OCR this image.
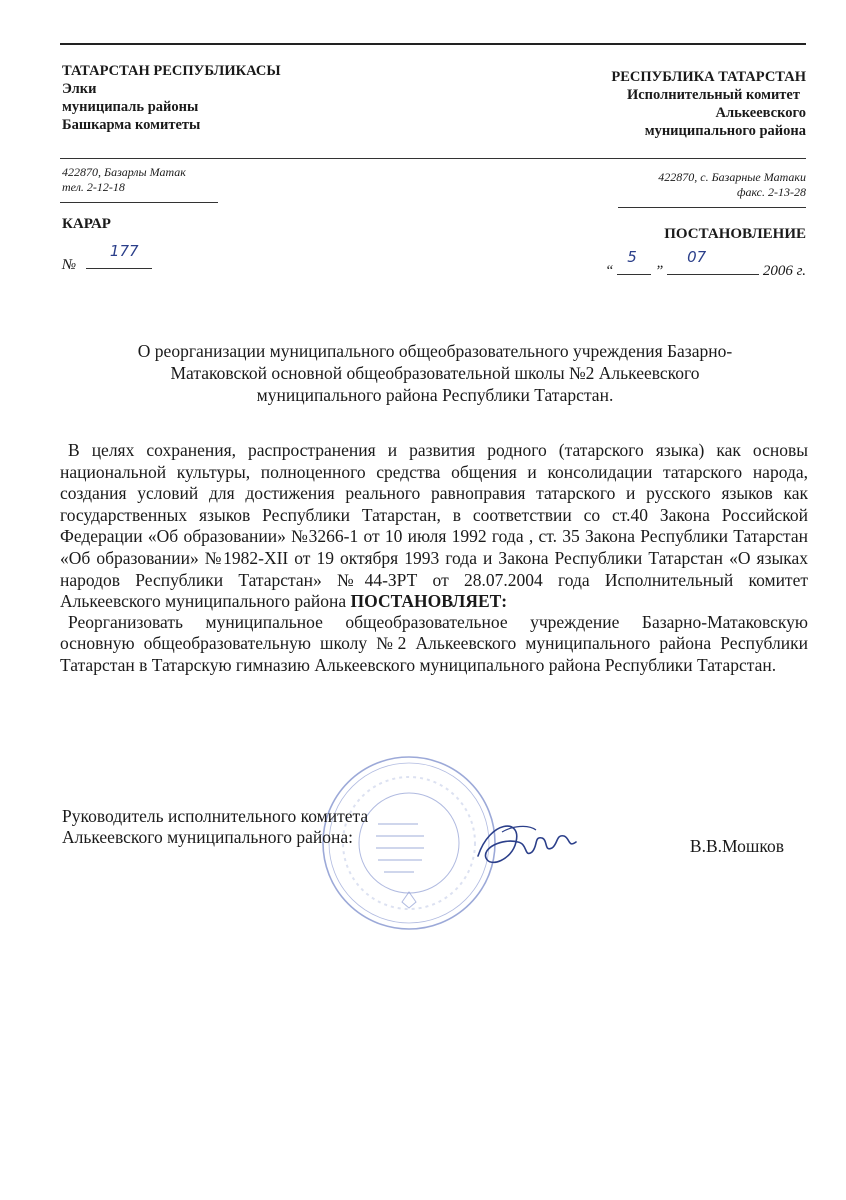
ТАТАРСТАН РЕСПУБЛИКАСЫ
Элки
муниципаль районы
Башкарма комитеты
РЕСПУБЛИКА ТАТАРСТАН
Исполнительный комитет
Алькеевского
муниципального района
422870, Базарлы Матак
тел. 2-12-18
422870, с. Базарные Матаки
факс. 2-13-28
КАРАР
ПОСТАНОВЛЕНИЕ
№
177
“
5
”
07
2006 г.
О реорганизации муниципального общеобразовательного учреждения Базарно-
Матаковской основной общеобразовательной школы №2 Алькеевского
муниципального района Республики Татарстан.

В целях сохранения, распространения и развития родного (татарского языка) как основы национальной культуры, полноценного средства общения и консолидации татарского народа, создания условий для достижения реального равноправия татарского и русского языков как государственных языков Республики Татарстан, в соответствии со ст.40 Закона Российской Федерации «Об образовании» №3266-1 от 10 июля 1992 года , ст. 35 Закона Республики Татарстан «Об образовании» №1982-XII от 19 октября 1993 года и Закона Республики Татарстан «О языках народов Республики Татарстан» №44-ЗРТ от 28.07.2004 года Исполнительный комитет Алькеевского муниципального района ПОСТАНОВЛЯЕТ:

Реорганизовать муниципальное общеобразовательное учреждение Базарно-Матаковскую основную общеобразовательную школу №2 Алькеевского муниципального района Республики Татарстан в Татарскую гимназию Алькеевского муниципального района Республики Татарстан.

Руководитель исполнительного комитета
Алькеевского муниципального района:	В.В.Мошков
